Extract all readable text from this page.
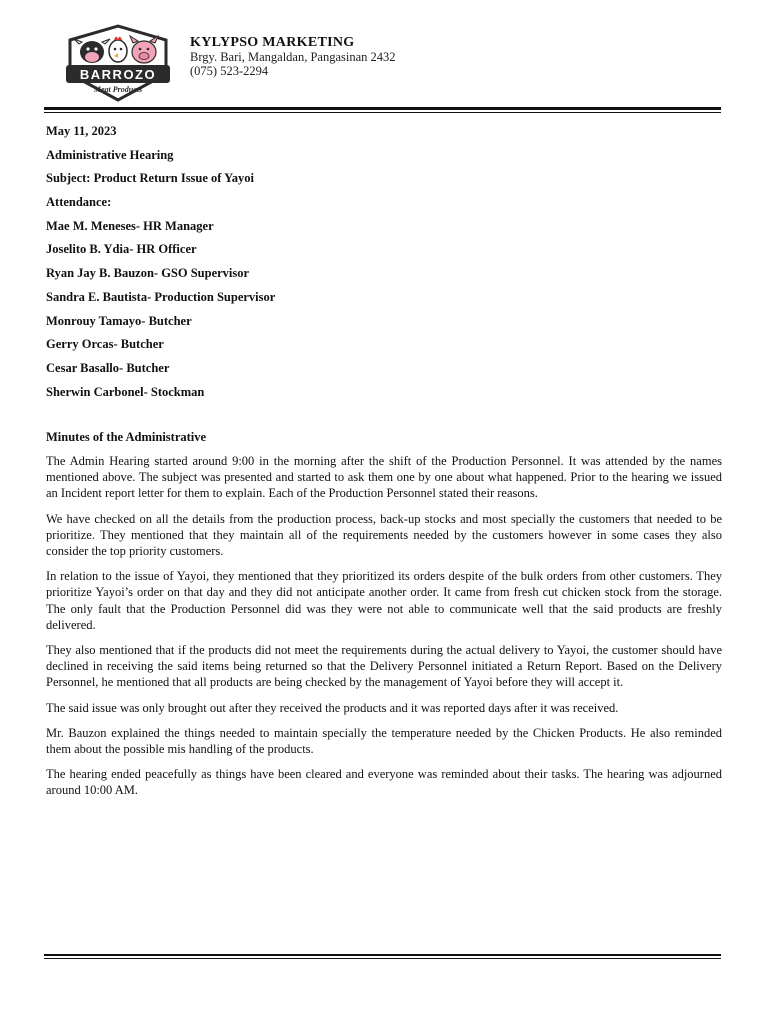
BARROZO
Meat Products
KYLYPSO MARKETING
Brgy. Bari, Mangaldan, Pangasinan 2432
(075) 523-2294
May 11, 2023
Administrative Hearing
Subject: Product Return Issue of Yayoi
Attendance:
Mae M. Meneses- HR Manager
Joselito B. Ydia- HR Officer
Ryan Jay B. Bauzon- GSO Supervisor
Sandra E. Bautista- Production Supervisor
Monrouy Tamayo- Butcher
Gerry Orcas- Butcher
Cesar Basallo- Butcher
Sherwin Carbonel- Stockman
Minutes of the Administrative

The Admin Hearing started around 9:00 in the morning after the shift of the Production Personnel. It was attended by the names mentioned above. The subject was presented and started to ask them one by one about what happened. Prior to the hearing we issued an Incident report letter for them to explain. Each of the Production Personnel stated their reasons.

We have checked on all the details from the production process, back-up stocks and most specially the customers that needed to be prioritize. They mentioned that they maintain all of the requirements needed by the customers however in some cases they also consider the top priority customers.

In relation to the issue of Yayoi, they mentioned that they prioritized its orders despite of the bulk orders from other customers. They prioritize Yayoi’s order on that day and they did not anticipate another order. It came from fresh cut chicken stock from the storage. The only fault that the Production Personnel did was they were not able to communicate well that the said products are freshly delivered.

They also mentioned that if the products did not meet the requirements during the actual delivery to Yayoi, the customer should have declined in receiving the said items being returned so that the Delivery Personnel initiated a Return Report. Based on the Delivery Personnel, he mentioned that all products are being checked by the management of Yayoi before they will accept it.

The said issue was only brought out after they received the products and it was reported days after it was received.

Mr. Bauzon explained the things needed to maintain specially the temperature needed by the Chicken Products. He also reminded them about the possible mis handling of the products.

The hearing ended peacefully as things have been cleared and everyone was reminded about their tasks. The hearing was adjourned around 10:00 AM.
